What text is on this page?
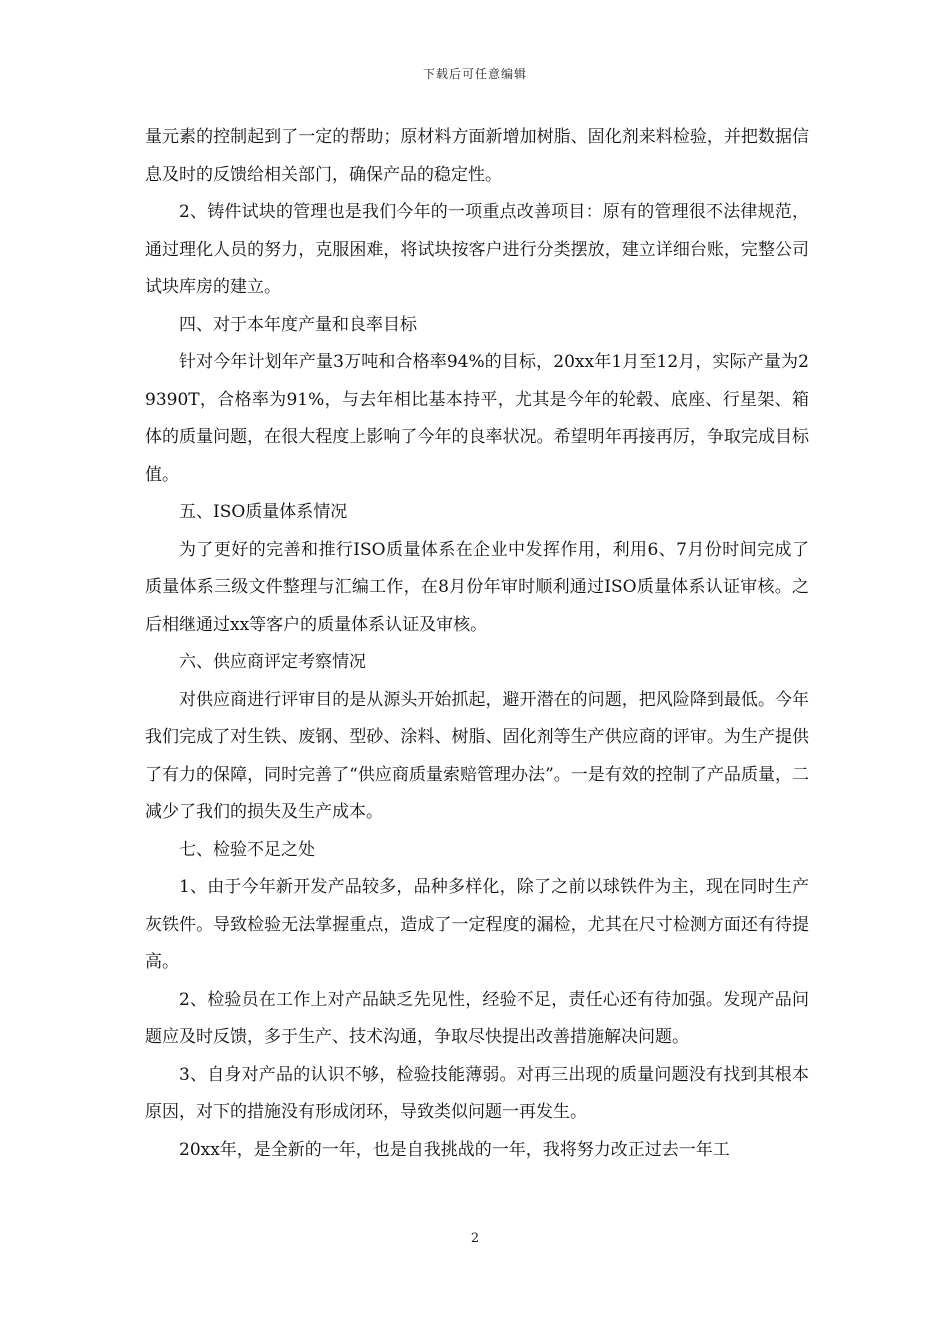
下载后可任意编辑

量元素的控制起到了一定的帮助；原材料方面新增加树脂、固化剂来料检验，并把数据信息及时的反馈给相关部门，确保产品的稳定性。

2、铸件试块的管理也是我们今年的一项重点改善项目：原有的管理很不法律规范，通过理化人员的努力，克服困难，将试块按客户进行分类摆放，建立详细台账，完整公司试块库房的建立。

四、对于本年度产量和良率目标

针对今年计划年产量3万吨和合格率94%的目标，20xx年1月至12月，实际产量为29390T，合格率为91%，与去年相比基本持平，尤其是今年的轮毂、底座、行星架、箱体的质量问题，在很大程度上影响了今年的良率状况。希望明年再接再厉，争取完成目标值。

五、ISO质量体系情况

为了更好的完善和推行ISO质量体系在企业中发挥作用，利用6、7月份时间完成了质量体系三级文件整理与汇编工作，在8月份年审时顺利通过ISO质量体系认证审核。之后相继通过xx等客户的质量体系认证及审核。

六、供应商评定考察情况

对供应商进行评审目的是从源头开始抓起，避开潜在的问题，把风险降到最低。今年我们完成了对生铁、废钢、型砂、涂料、树脂、固化剂等生产供应商的评审。为生产提供了有力的保障，同时完善了“供应商质量索赔管理办法”。一是有效的控制了产品质量，二减少了我们的损失及生产成本。

七、检验不足之处

1、由于今年新开发产品较多，品种多样化，除了之前以球铁件为主，现在同时生产灰铁件。导致检验无法掌握重点，造成了一定程度的漏检，尤其在尺寸检测方面还有待提高。

2、检验员在工作上对产品缺乏先见性，经验不足，责任心还有待加强。发现产品问题应及时反馈，多于生产、技术沟通，争取尽快提出改善措施解决问题。

3、自身对产品的认识不够，检验技能薄弱。对再三出现的质量问题没有找到其根本原因，对下的措施没有形成闭环，导致类似问题一再发生。

20xx年，是全新的一年，也是自我挑战的一年，我将努力改正过去一年工

2
